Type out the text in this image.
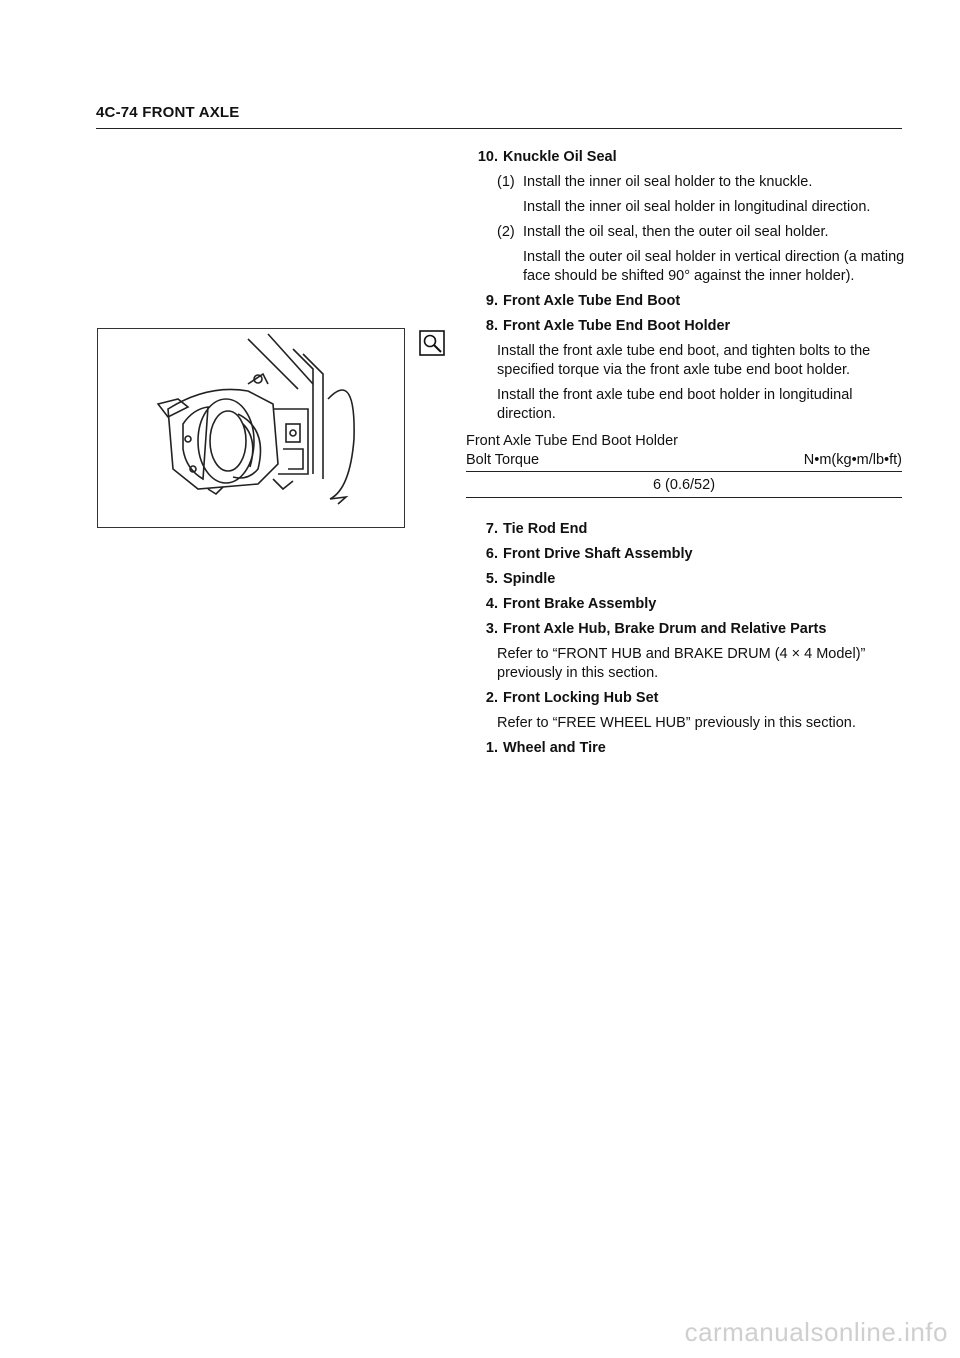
4C-74 FRONT AXLE
10. Knuckle Oil Seal
(1) Install the inner oil seal holder to the knuckle.
Install the inner oil seal holder in longitudinal direction.
(2) Install the oil seal, then the outer oil seal holder.
Install the outer oil seal holder in vertical direction (a mating face should be shifted 90° against the inner holder).
9. Front Axle Tube End Boot
8. Front Axle Tube End Boot Holder
Install the front axle tube end boot, and tighten bolts to the specified torque via the front axle tube end boot holder.
Install the front axle tube end boot holder in longitudinal direction.
Front Axle Tube End Boot Holder
Bolt Torque	N•m(kg•m/lb•ft)
6 (0.6/52)
7. Tie Rod End
6. Front Drive Shaft Assembly
5. Spindle
4. Front Brake Assembly
3. Front Axle Hub, Brake Drum and Relative Parts
Refer to “FRONT HUB and BRAKE DRUM (4 × 4 Model)” previously in this section.
2. Front Locking Hub Set
Refer to “FREE WHEEL HUB” previously in this section.
1. Wheel and Tire
carmanualsonline.info
